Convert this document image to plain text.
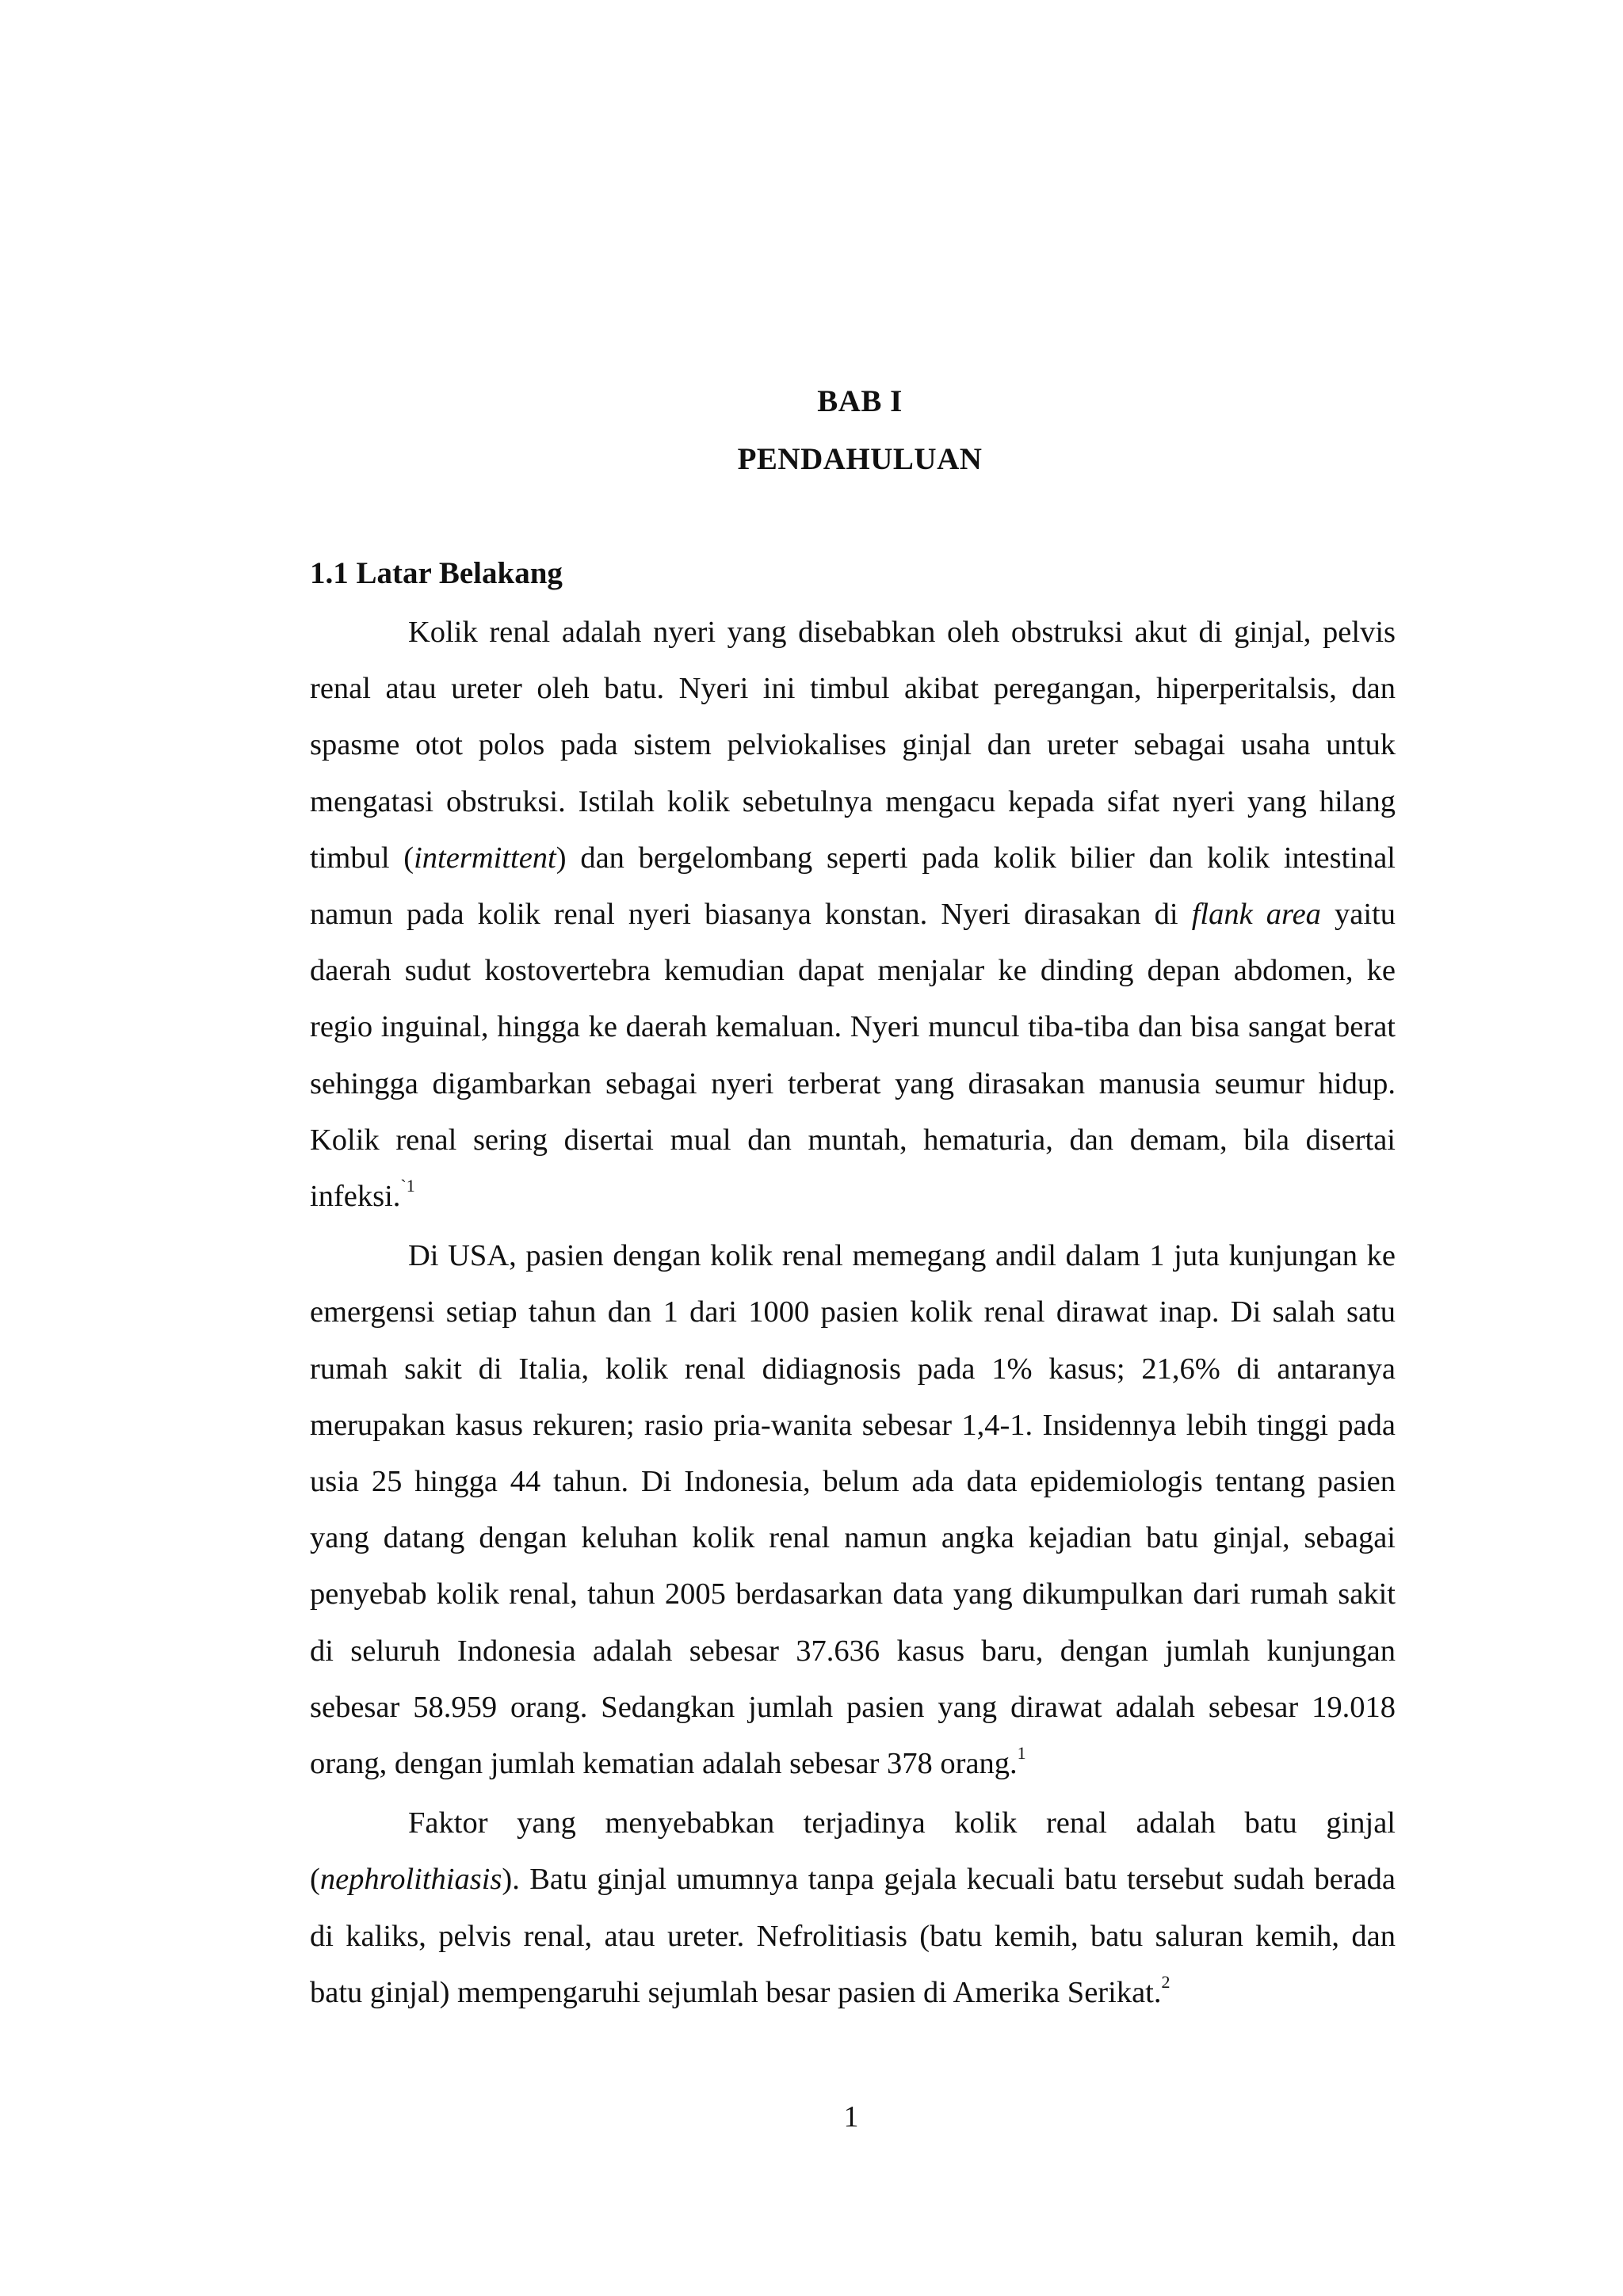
BAB I
PENDAHULUAN
1.1 Latar Belakang

Kolik renal adalah nyeri yang disebabkan oleh obstruksi akut di ginjal, pelvis renal atau ureter oleh batu. Nyeri ini timbul akibat peregangan, hiperperitalsis, dan spasme otot polos pada sistem pelviokalises ginjal dan ureter sebagai usaha untuk mengatasi obstruksi. Istilah kolik sebetulnya mengacu kepada sifat nyeri yang hilang timbul (intermittent) dan bergelombang seperti pada kolik bilier dan kolik intestinal namun pada kolik renal nyeri biasanya konstan. Nyeri dirasakan di flank area yaitu daerah sudut kostovertebra kemudian dapat menjalar ke dinding depan abdomen, ke regio inguinal, hingga ke daerah kemaluan. Nyeri muncul tiba-tiba dan bisa sangat berat sehingga digambarkan sebagai nyeri terberat yang dirasakan manusia seumur hidup. Kolik renal sering disertai mual dan muntah, hematuria, dan demam, bila disertai infeksi.$^{`1}$

Di USA, pasien dengan kolik renal memegang andil dalam 1 juta kunjungan ke emergensi setiap tahun dan 1 dari 1000 pasien kolik renal dirawat inap. Di salah satu rumah sakit di Italia, kolik renal didiagnosis pada 1% kasus; 21,6% di antaranya merupakan kasus rekuren; rasio pria-wanita sebesar 1,4-1. Insidennya lebih tinggi pada usia 25 hingga 44 tahun. Di Indonesia, belum ada data epidemiologis tentang pasien yang datang dengan keluhan kolik renal namun angka kejadian batu ginjal, sebagai penyebab kolik renal, tahun 2005 berdasarkan data yang dikumpulkan dari rumah sakit di seluruh Indonesia adalah sebesar 37.636 kasus baru, dengan jumlah kunjungan sebesar 58.959 orang. Sedangkan jumlah pasien yang dirawat adalah sebesar 19.018 orang, dengan jumlah kematian adalah sebesar 378 orang.$^1$

Faktor yang menyebabkan terjadinya kolik renal adalah batu ginjal (nephrolithiasis). Batu ginjal umumnya tanpa gejala kecuali batu tersebut sudah berada di kaliks, pelvis renal, atau ureter. Nefrolitiasis (batu kemih, batu saluran kemih, dan batu ginjal) mempengaruhi sejumlah besar pasien di Amerika Serikat.$^2$

1
